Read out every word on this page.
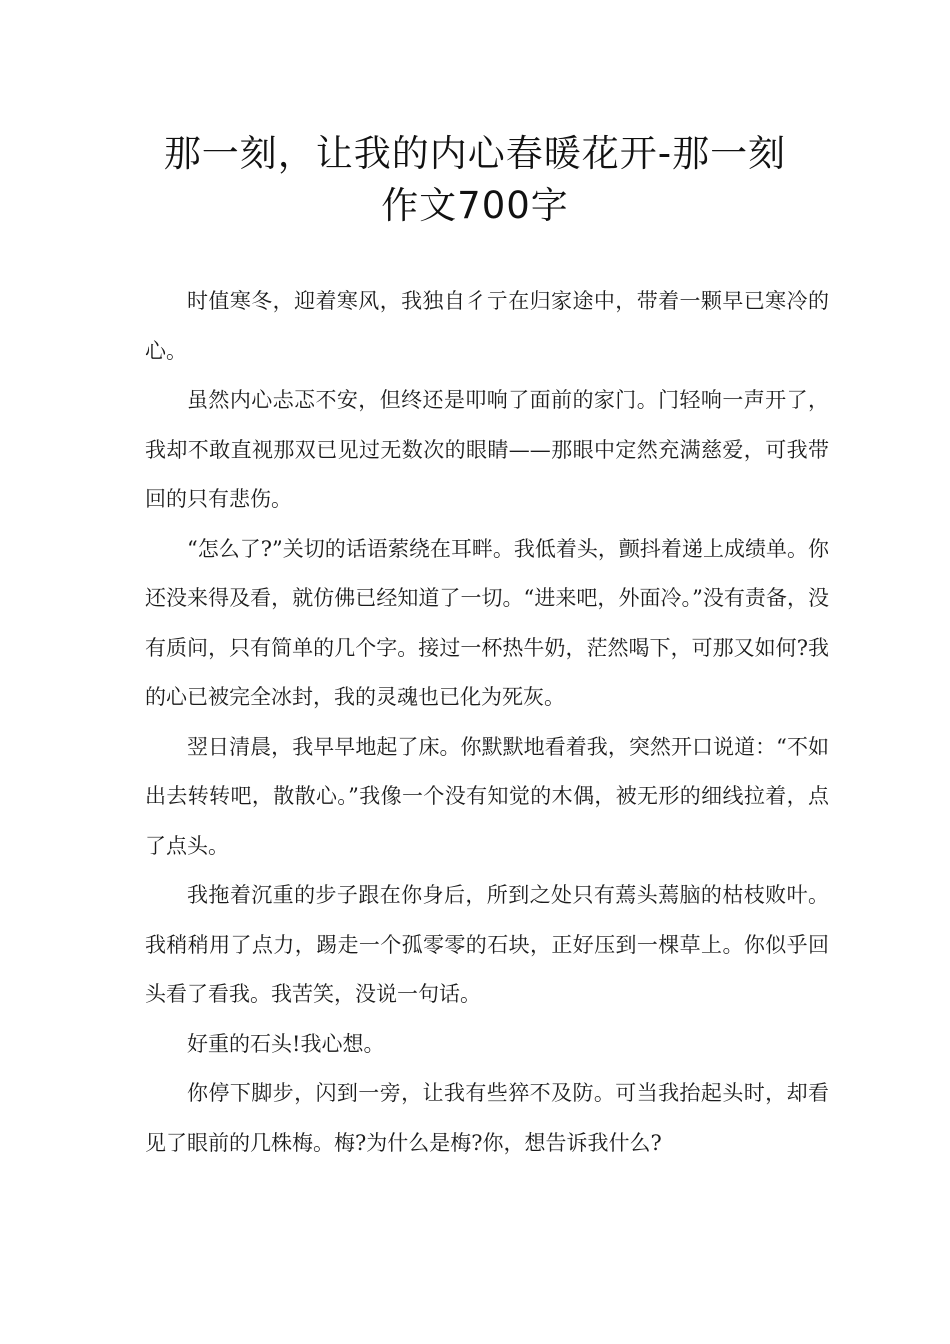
那一刻，让我的内心春暖花开-那一刻
作文700字

时值寒冬，迎着寒风，我独自彳亍在归家途中，带着一颗早已寒冷的心。

虽然内心忐忑不安，但终还是叩响了面前的家门。门轻响一声开了，我却不敢直视那双已见过无数次的眼睛——那眼中定然充满慈爱，可我带回的只有悲伤。

“怎么了?”关切的话语萦绕在耳畔。我低着头，颤抖着递上成绩单。你还没来得及看，就仿佛已经知道了一切。“进来吧，外面冷。”没有责备，没有质问，只有简单的几个字。接过一杯热牛奶，茫然喝下，可那又如何?我的心已被完全冰封，我的灵魂也已化为死灰。

翌日清晨，我早早地起了床。你默默地看着我，突然开口说道：“不如出去转转吧，散散心。”我像一个没有知觉的木偶，被无形的细线拉着，点了点头。

我拖着沉重的步子跟在你身后，所到之处只有蔫头蔫脑的枯枝败叶。我稍稍用了点力，踢走一个孤零零的石块，正好压到一棵草上。你似乎回头看了看我。我苦笑，没说一句话。

好重的石头!我心想。

你停下脚步，闪到一旁，让我有些猝不及防。可当我抬起头时，却看见了眼前的几株梅。梅?为什么是梅?你，想告诉我什么?
